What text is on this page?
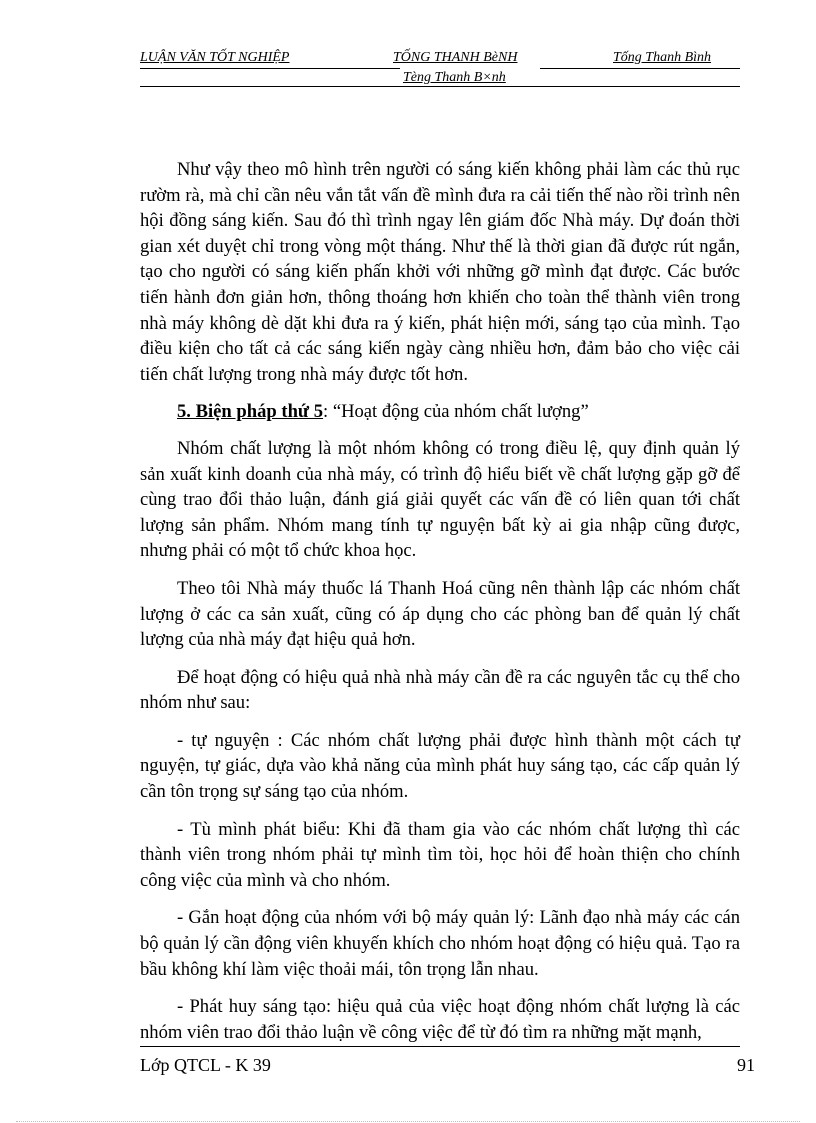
LUẬN VĂN TỐT NGHIỆP	TỐNG THANH BèNH	Tống Thanh Bình
Tèng Thanh B×nh

Như vậy theo mô hình trên người có sáng kiến không phải làm các thủ rục rườm rà, mà chỉ cần nêu vắn tắt vấn đề mình đưa ra cải tiến thế nào rồi trình nên hội đồng sáng kiến. Sau đó thì trình ngay lên giám đốc Nhà máy. Dự đoán thời gian xét duyệt chỉ trong vòng một tháng. Như thế là thời gian đã được rút ngắn, tạo cho người có sáng kiến phấn khởi với những gỡ mình đạt được. Các bước tiến hành đơn giản hơn, thông thoáng hơn khiến cho toàn thể thành viên trong nhà máy không dè dặt khi đưa ra ý kiến, phát hiện mới, sáng tạo của mình. Tạo điều kiện cho tất cả các sáng kiến ngày càng nhiều hơn, đảm bảo cho việc cải tiến chất lượng trong nhà máy được tốt hơn.

5. Biện pháp thứ 5: “Hoạt động của nhóm chất lượng”

Nhóm chất lượng là một nhóm không có trong điều lệ, quy định quản lý sản xuất kinh doanh của nhà máy, có trình độ hiểu biết về chất lượng gặp gỡ để cùng trao đổi thảo luận, đánh giá giải quyết các vấn đề có liên quan tới chất lượng sản phẩm. Nhóm mang tính tự nguyện bất kỳ ai gia nhập cũng được, nhưng phải có một tổ chức khoa học.

Theo tôi Nhà máy thuốc lá Thanh Hoá cũng nên thành lập các nhóm chất lượng ở các ca sản xuất, cũng có áp dụng cho các phòng ban để quản lý chất lượng của nhà máy đạt hiệu quả hơn.

Để hoạt động có hiệu quả nhà nhà máy cần đề ra các nguyên tắc cụ thể cho nhóm như sau:

- tự nguyện : Các nhóm chất lượng phải được hình thành một cách tự nguyện, tự giác, dựa vào khả năng của mình phát huy sáng tạo, các cấp quản lý cần tôn trọng sự sáng tạo của nhóm.

- Tù mình phát biểu: Khi đã tham gia vào các nhóm chất lượng thì các thành viên trong nhóm phải tự mình tìm tòi, học hỏi để hoàn thiện cho chính công việc của mình và cho nhóm.

- Gắn hoạt động của nhóm với bộ máy quản lý: Lãnh đạo nhà máy các cán bộ quản lý cần động viên khuyến khích cho nhóm hoạt động có hiệu quả. Tạo ra bầu không khí làm việc thoải mái, tôn trọng lẫn nhau.

- Phát huy sáng tạo: hiệu quả của việc hoạt động nhóm chất lượng là các nhóm viên trao đổi thảo luận về công việc để từ đó tìm ra những mặt mạnh,

Lớp QTCL - K 39	91
